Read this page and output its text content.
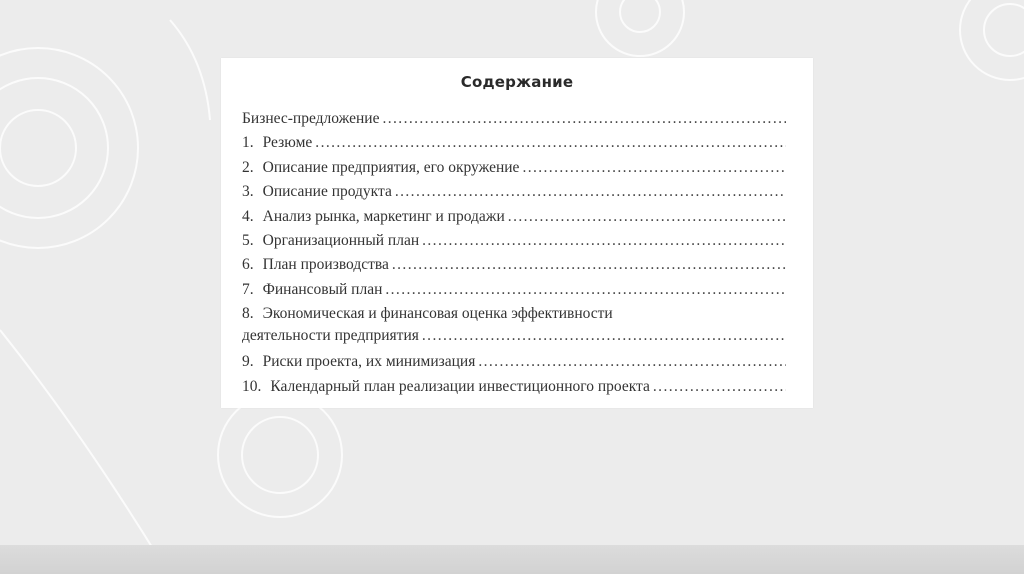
Содержание
Бизнес-предложение
.....
1. Резюме
.....
2. Описание предприятия, его окружение
.....
3. Описание продукта
.....
4. Анализ рынка, маркетинг и продажи
.....
5. Организационный план
.....
6. План производства
.....
7. Финансовый план
.....
8. Экономическая и финансовая оценка эффективности
деятельности предприятия
.....
9. Риски проекта, их минимизация
.....
10. Календарный план реализации инвестиционного проекта
.....
